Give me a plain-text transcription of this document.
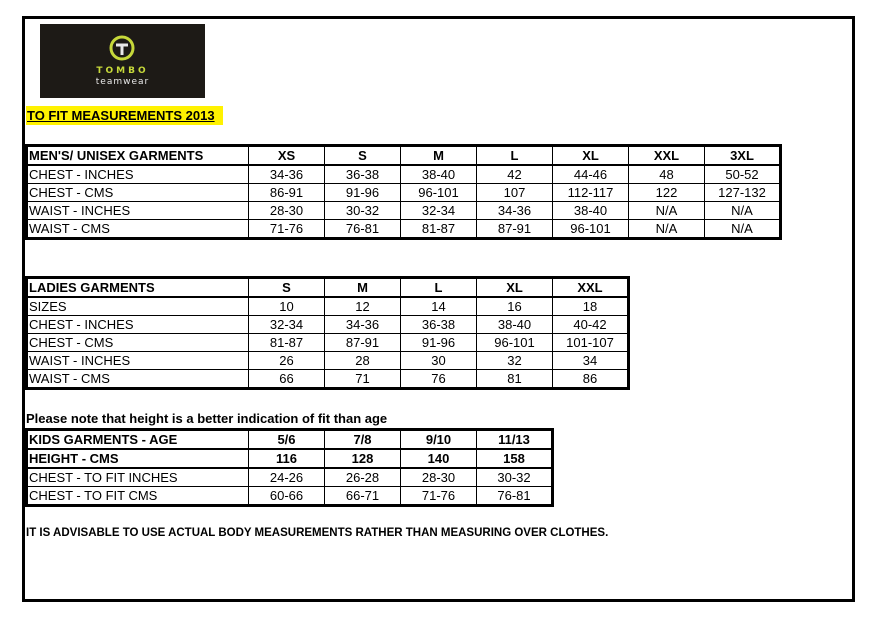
TOMBO
teamwear
TO FIT MEASUREMENTS 2013
MEN'S/ UNISEX GARMENTS	XS	S	M	L	XL	XXL	3XL
CHEST - INCHES	34-36	36-38	38-40	42	44-46	48	50-52
CHEST - CMS	86-91	91-96	96-101	107	112-117	122	127-132
WAIST - INCHES	28-30	30-32	32-34	34-36	38-40	N/A	N/A
WAIST - CMS	71-76	76-81	81-87	87-91	96-101	N/A	N/A
LADIES GARMENTS	S	M	L	XL	XXL
SIZES	10	12	14	16	18
CHEST - INCHES	32-34	34-36	36-38	38-40	40-42
CHEST - CMS	81-87	87-91	91-96	96-101	101-107
WAIST - INCHES	26	28	30	32	34
WAIST - CMS	66	71	76	81	86
Please note that height is a better indication of fit than age
KIDS GARMENTS - AGE	5/6	7/8	9/10	11/13
HEIGHT - CMS	116	128	140	158
CHEST - TO FIT INCHES	24-26	26-28	28-30	30-32
CHEST - TO FIT CMS	60-66	66-71	71-76	76-81
IT IS ADVISABLE TO USE ACTUAL BODY MEASUREMENTS RATHER THAN MEASURING OVER CLOTHES.
